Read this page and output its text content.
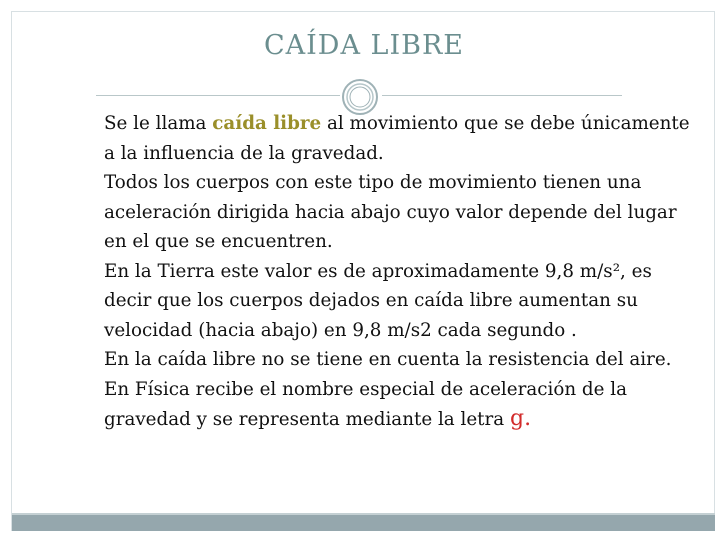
CAÍDA LIBRE

Se le llama caída libre al movimiento que se debe únicamente a la influencia de la gravedad.

Todos los cuerpos con este tipo de movimiento tienen una aceleración dirigida hacia abajo cuyo valor depende del lugar en el que se encuentren.

En la Tierra este valor es de aproximadamente 9,8 m/s², es decir que los cuerpos dejados en caída libre aumentan su velocidad (hacia abajo) en 9,8 m/s2 cada segundo .

En la caída libre no se tiene en cuenta la resistencia del aire.

En Física recibe el nombre especial de aceleración de la gravedad y se representa mediante la letra g.
